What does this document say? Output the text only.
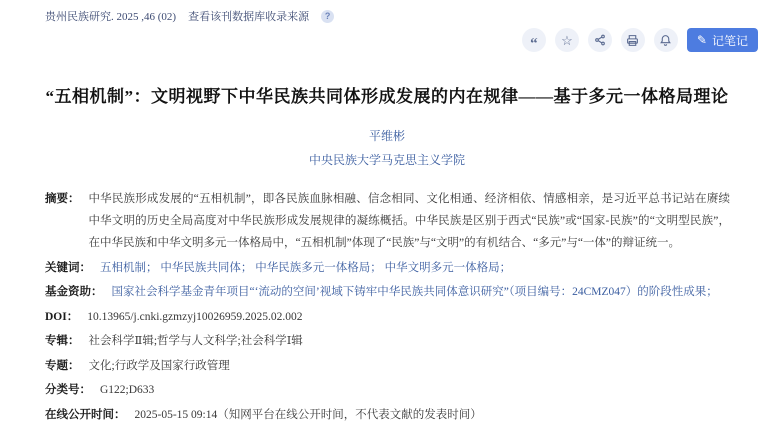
贵州民族研究. 2025 ,46 (02) 查看该刊数据库收录来源	?
“ ☆	✎ 记笔记
“五相机制”：文明视野下中华民族共同体形成发展的内在规律——基于多元一体格局理论
平维彬
中央民族大学马克思主义学院
摘要： 中华民族形成发展的“五相机制”，即各民族血脉相融、信念相同、文化相通、经济相依、情感相亲，是习近平总书记站在赓续中华文明的历史全局高度对中华民族形成发展规律的凝练概括。中华民族是区别于西式“民族”或“国家-民族”的“文明型民族”，在中华民族和中华文明多元一体格局中，“五相机制”体现了“民族”与“文明”的有机结合、“多元”与“一体”的辩证统一。
关键词： 五相机制； 中华民族共同体； 中华民族多元一体格局； 中华文明多元一体格局；
基金资助： 国家社会科学基金青年项目“‘流动的空间’视域下铸牢中华民族共同体意识研究”（项目编号：24CMZ047）的阶段性成果；
DOI： 10.13965/j.cnki.gzmzyj10026959.2025.02.002
专辑： 社会科学Ⅱ辑;哲学与人文科学;社会科学Ⅰ辑
专题： 文化;行政学及国家行政管理
分类号： G122;D633
在线公开时间： 2025-05-15 09:14（知网平台在线公开时间，不代表文献的发表时间）
